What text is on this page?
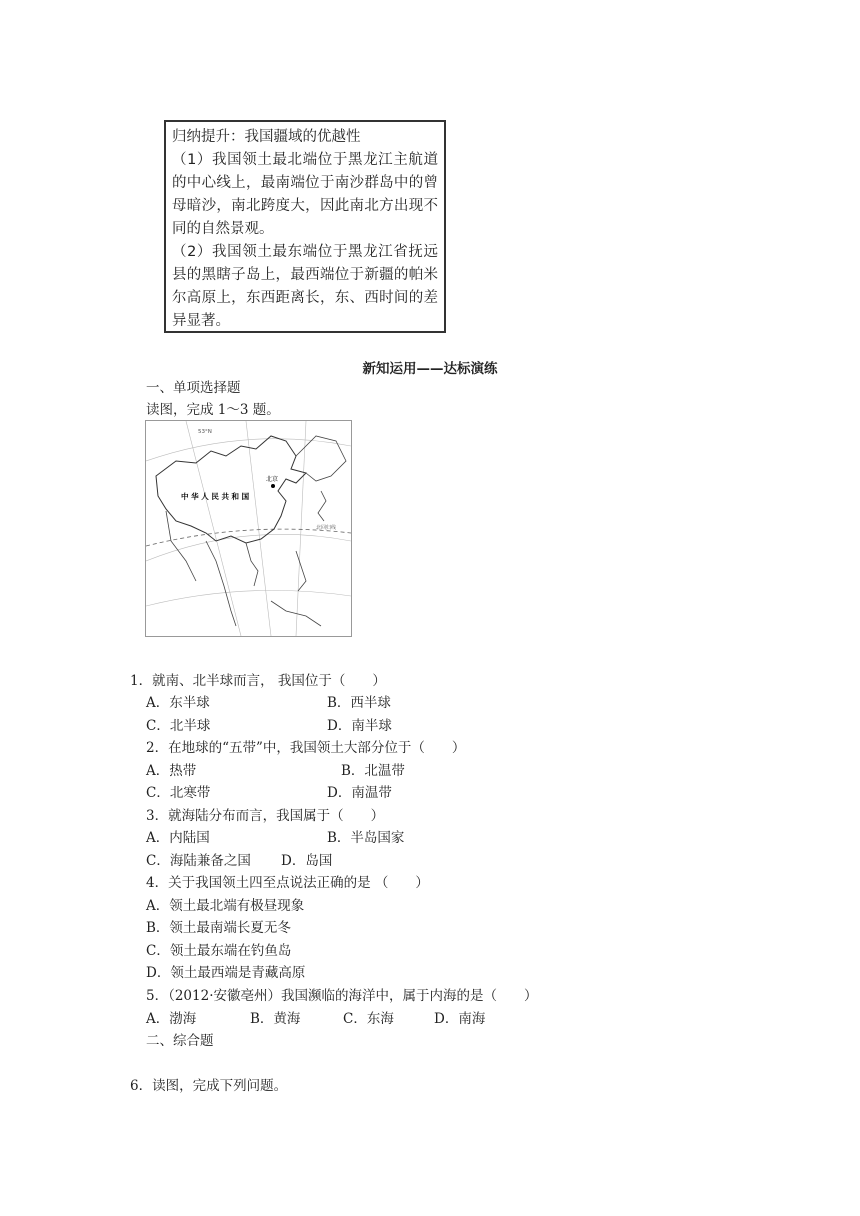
归纳提升：我国疆域的优越性

（1）我国领土最北端位于黑龙江主航道的中心线上，最南端位于南沙群岛中的曾母暗沙，南北跨度大，因此南北方出现不同的自然景观。

（2）我国领土最东端位于黑龙江省抚远县的黑瞎子岛上，最西端位于新疆的帕米尔高原上，东西距离长，东、西时间的差异显著。

新知运用——达标演练
一、单项选择题
读图，完成 1～3 题。
北京
中 华 人 民 共 和 国
53°N
北回归线
1．就南、北半球而言， 我国位于（　　）
A．东半球	B．西半球
C．北半球	D．南半球
2．在地球的“五带”中，我国领土大部分位于（　　）
A．热带	B．北温带
C．北寒带	D．南温带
3．就海陆分布而言，我国属于（　　）
A．内陆国	B．半岛国家
C．海陆兼备之国 D．岛国
4．关于我国领土四至点说法正确的是 （　　）
A．领土最北端有极昼现象
B．领土最南端长夏无冬
C．领土最东端在钓鱼岛
D．领土最西端是青藏高原
5．（2012·安徽亳州）我国濒临的海洋中，属于内海的是（　　）
A．渤海	B．黄海	C．东海	D．南海
二、综合题
6．读图，完成下列问题。
